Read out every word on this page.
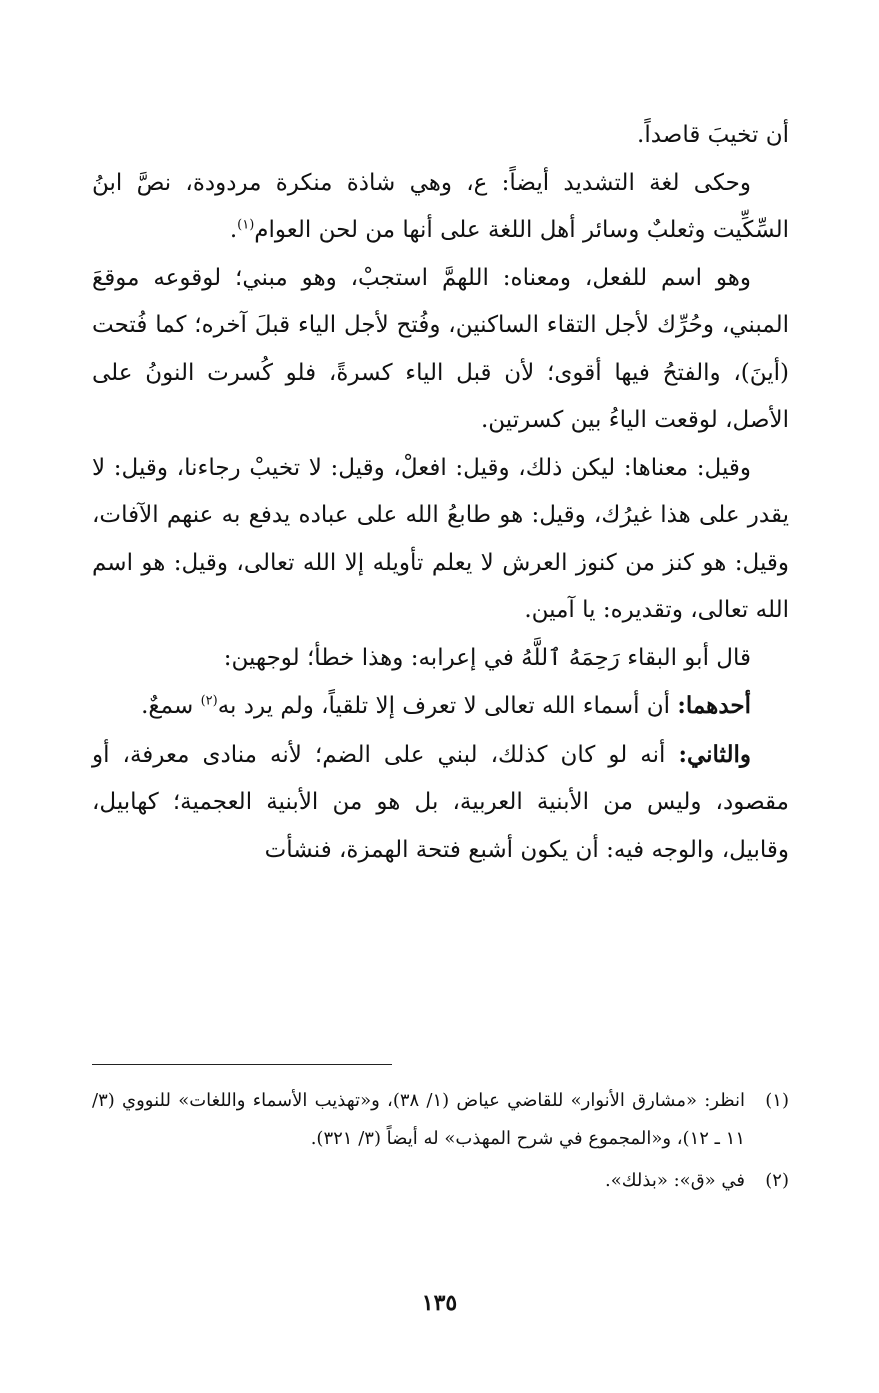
أن تخيبَ قاصداً.

وحكى لغة التشديد أيضاً: ع، وهي شاذة منكرة مردودة، نصَّ ابنُ السِّكِّيت وثعلبٌ وسائر أهل اللغة على أنها من لحن العوام$^{(١)}$.

وهو اسم للفعل، ومعناه: اللهمَّ استجبْ، وهو مبني؛ لوقوعه موقعَ المبني، وحُرِّك لأجل التقاء الساكنين، وفُتح لأجل الياء قبلَ آخره؛ كما فُتحت (أينَ)، والفتحُ فيها أقوى؛ لأن قبل الياء كسرةً، فلو كُسرت النونُ على الأصل، لوقعت الياءُ بين كسرتين.

وقيل: معناها: ليكن ذلك، وقيل: افعلْ، وقيل: لا تخيبْ رجاءنا، وقيل: لا يقدر على هذا غيرُك، وقيل: هو طابعُ الله على عباده يدفع به عنهم الآفات، وقيل: هو كنز من كنوز العرش لا يعلم تأويله إلا الله تعالى، وقيل: هو اسم الله تعالى، وتقديره: يا آمين.

قال أبو البقاء رَحِمَهُ ٱللَّهُ في إعرابه: وهذا خطأ؛ لوجهين:

أحدهما: أن أسماء الله تعالى لا تعرف إلا تلقياً، ولم يرد به$^{(٢)}$ سمعٌ.

والثاني: أنه لو كان كذلك، لبني على الضم؛ لأنه منادى معرفة، أو مقصود، وليس من الأبنية العربية، بل هو من الأبنية العجمية؛ كهابيل، وقابيل، والوجه فيه: أن يكون أشبع فتحة الهمزة، فنشأت

(١)
انظر: «مشارق الأنوار» للقاضي عياض (١/ ٣٨)، و«تهذيب الأسماء واللغات» للنووي (٣/ ١١ ـ ١٢)، و«المجموع في شرح المهذب» له أيضاً (٣/ ٣٢١).
(٢)
في «ق»: «بذلك».
١٣٥
